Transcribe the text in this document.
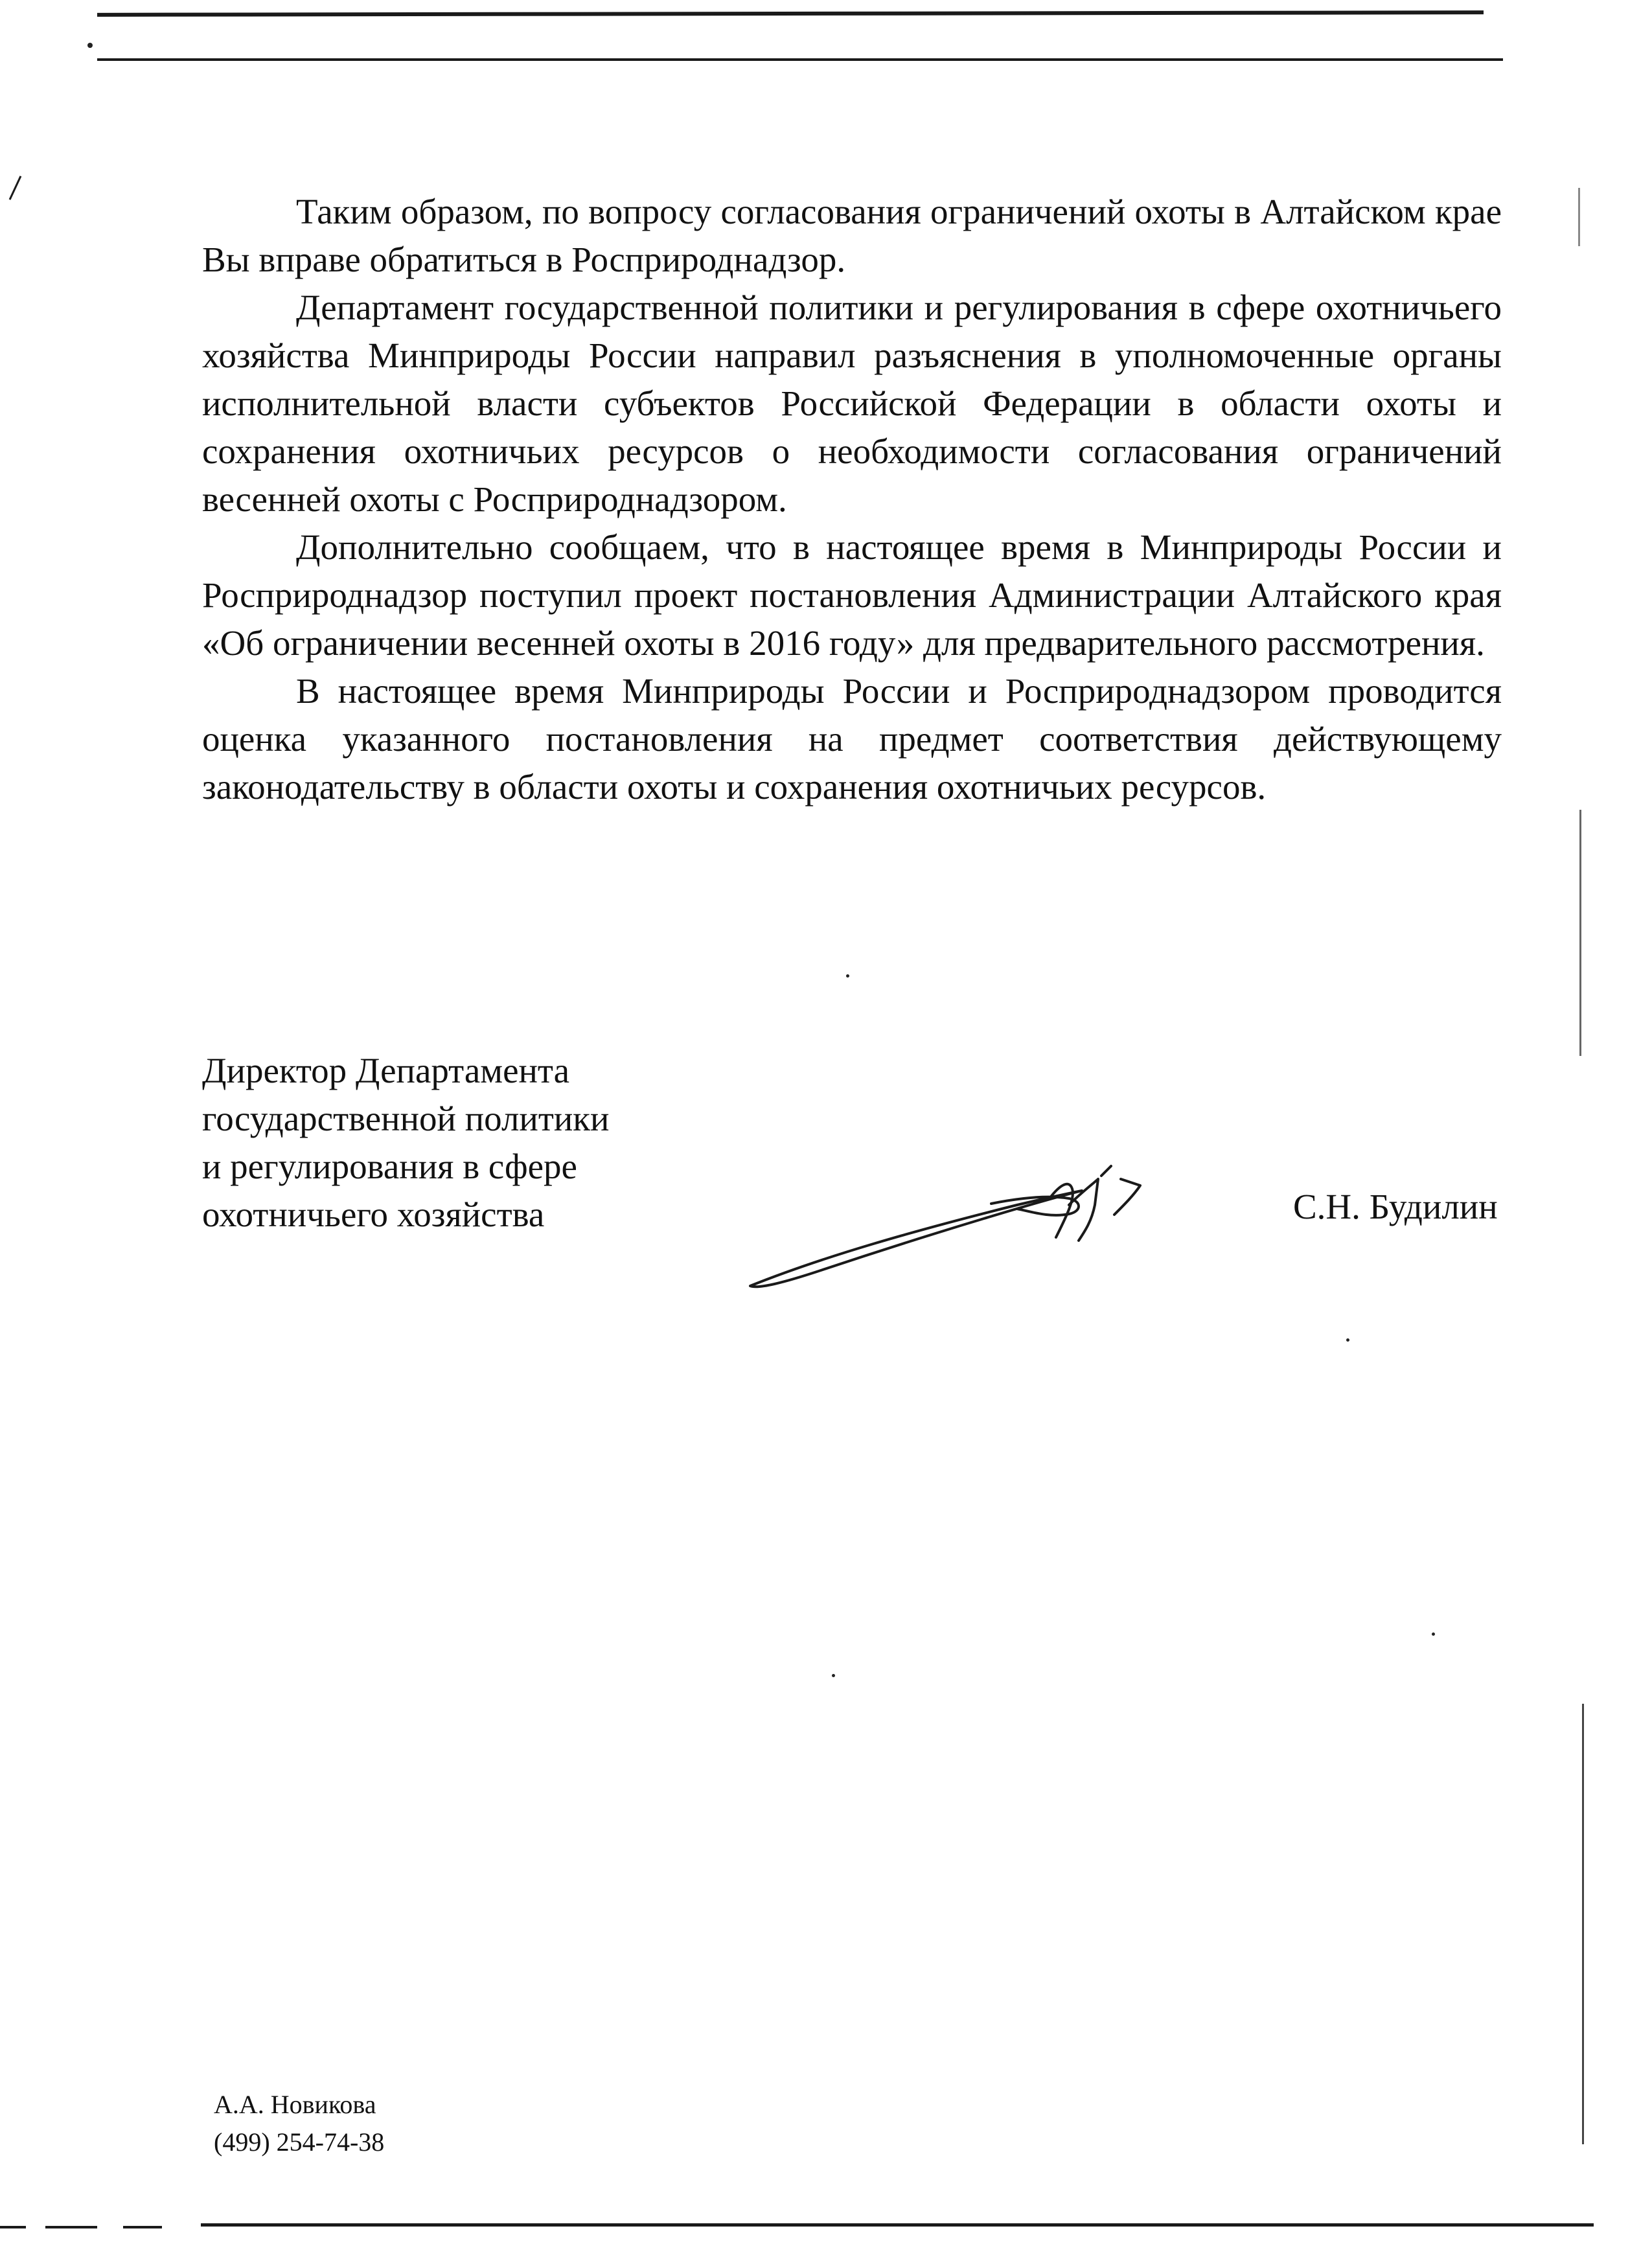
Таким образом, по вопросу согласования ограничений охоты в Алтайском крае Вы вправе обратиться в Росприроднадзор.

Департамент государственной политики и регулирования в сфере охотничьего хозяйства Минприроды России направил разъяснения в уполномоченные органы исполнительной власти субъектов Российской Федерации в области охоты и сохранения охотничьих ресурсов о необходимости согласования ограничений весенней охоты с Росприроднадзором.

Дополнительно сообщаем, что в настоящее время в Минприроды России и Росприроднадзор поступил проект постановления Администрации Алтайского края «Об ограничении весенней охоты в 2016 году» для предварительного рассмотрения.

В настоящее время Минприроды России и Росприроднадзором проводится оценка указанного постановления на предмет соответствия действующему законодательству в области охоты и сохранения охотничьих ресурсов.

Директор Департамента
государственной политики
и регулирования в сфере
охотничьего хозяйства	С.Н. Будилин
А.А. Новикова
(499) 254-74-38
